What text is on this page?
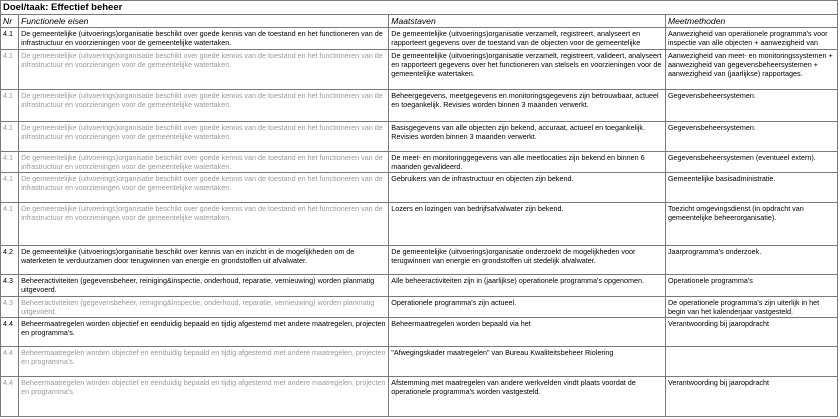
Doel/taak: Effectief beheer			
Nr	Functionele eisen	Maatstaven	Meetmethoden
4.1	De gemeentelijke (uitvoerings)organisatie beschikt over goede kennis van de toestand en het functioneren van de infrastructuur en voorzieningen voor de gemeentelijke watertaken.	De gemeentelijke (uitvoerings)organisatie verzamelt, registreert, analyseert en rapporteert gegevens over de toestand van de objecten voor de gemeentelijke	Aanwezigheid van operationele programma's voor inspectie van alle objecten + aanwezigheid van
4.1	De gemeentelijke (uitvoerings)organisatie beschikt over goede kennis van de toestand en het functioneren van de infrastructuur en voorzieningen voor de gemeentelijke watertaken.	De gemeentelijke (uitvoerings)organisatie verzamelt, registreert, valideert, analyseert en rapporteert gegevens over het functioneren van stelsels en voorzieningen voor de gemeentelijke watertaken.	Aanwezigheid van meet- en monitoringssystemen + aanwezigheid van gegevensbeheersystemen + aanwezigheid van (jaarlijkse) rapportages.
4.1	De gemeentelijke (uitvoerings)organisatie beschikt over goede kennis van de toestand en het functioneren van de infrastructuur en voorzieningen voor de gemeentelijke watertaken.	Beheergegevens, meetgegevens en monitoringsgegevens zijn betrouwbaar, actueel en toegankelijk. Revisies worden binnen 3 maanden verwerkt.	Gegevensbeheersystemen.
4.1	De gemeentelijke (uitvoerings)organisatie beschikt over goede kennis van de toestand en het functioneren van de infrastructuur en voorzieningen voor de gemeentelijke watertaken.	Basisgegevens van alle objecten zijn bekend, accuraat, actueel en toegankelijk. Revisies worden binnen 3 maanden verwerkt.	Gegevensbeheersystemen.
4.1	De gemeentelijke (uitvoerings)organisatie beschikt over goede kennis van de toestand en het functioneren van de infrastructuur en voorzieningen voor de gemeentelijke watertaken.	De meet- en monitoringgegevens van alle meetlocaties zijn bekend en binnen 6 maanden gevalideerd.	Gegevensbeheersystemen (eventueel extern).
4.1	De gemeentelijke (uitvoerings)organisatie beschikt over goede kennis van de toestand en het functioneren van de infrastructuur en voorzieningen voor de gemeentelijke watertaken.	Gebruikers van de infrastructuur en objecten zijn bekend.	Gemeentelijke basisadministratie.
4.1	De gemeentelijke (uitvoerings)organisatie beschikt over goede kennis van de toestand en het functioneren van de infrastructuur en voorzieningen voor de gemeentelijke watertaken.	Lozers en lozingen van bedrijfsafvalwater zijn bekend.	Toezicht omgevingsdienst (in opdracht van gemeentelijke beheerorganisatie).
4.2	De gemeentelijke (uitvoerings)organisatie beschikt over kennis van en inzicht in de mogelijkheden om de waterketen te verduurzamen door terugwinnen van energie en grondstoffen uit afvalwater.	De gemeentelijke (uitvoerings)organisatie onderzoekt de mogelijkheden voor terugwinnen van energie en grondstoffen uit stedelijk afvalwater.	Jaarprogramma's onderzoek.
4.3	Beheeractiviteiten (gegevensbeheer, reiniging&inspectie, onderhoud, reparatie, vernieuwing) worden planmatig uitgevoerd.	Alle beheeractiviteiten zijn in (jaarlijkse) operationele programma's opgenomen.	Operationele programma's
4.3	Beheeractiviteiten (gegevensbeheer, reiniging&inspectie, onderhoud, reparatie, vernieuwing) worden planmatig uitgevoerd.	Operationele programma's zijn actueel.	De operationele programma's zijn uiterlijk in het begin van het kalenderjaar vastgesteld.
4.4	Beheermaatregelen worden objectief en eenduidig bepaald en tijdig afgestemd met andere maatregelen, projecten en programma's.	Beheermaatregelen worden bepaald via het	Verantwoording bij jaaropdracht
4.4	Beheermaatregelen worden objectief en eenduidig bepaald en tijdig afgestemd met andere maatregelen, projecten en programma's.	"Afwegingskader maatregelen" van Bureau Kwaliteitsbeheer Riolering	
4.4	Beheermaatregelen worden objectief en eenduidig bepaald en tijdig afgestemd met andere maatregelen, projecten en programma's.	Afstemming met maatregelen van andere werkvelden vindt plaats voordat de operationele programma's worden vastgesteld.	Verantwoording bij jaaropdracht
